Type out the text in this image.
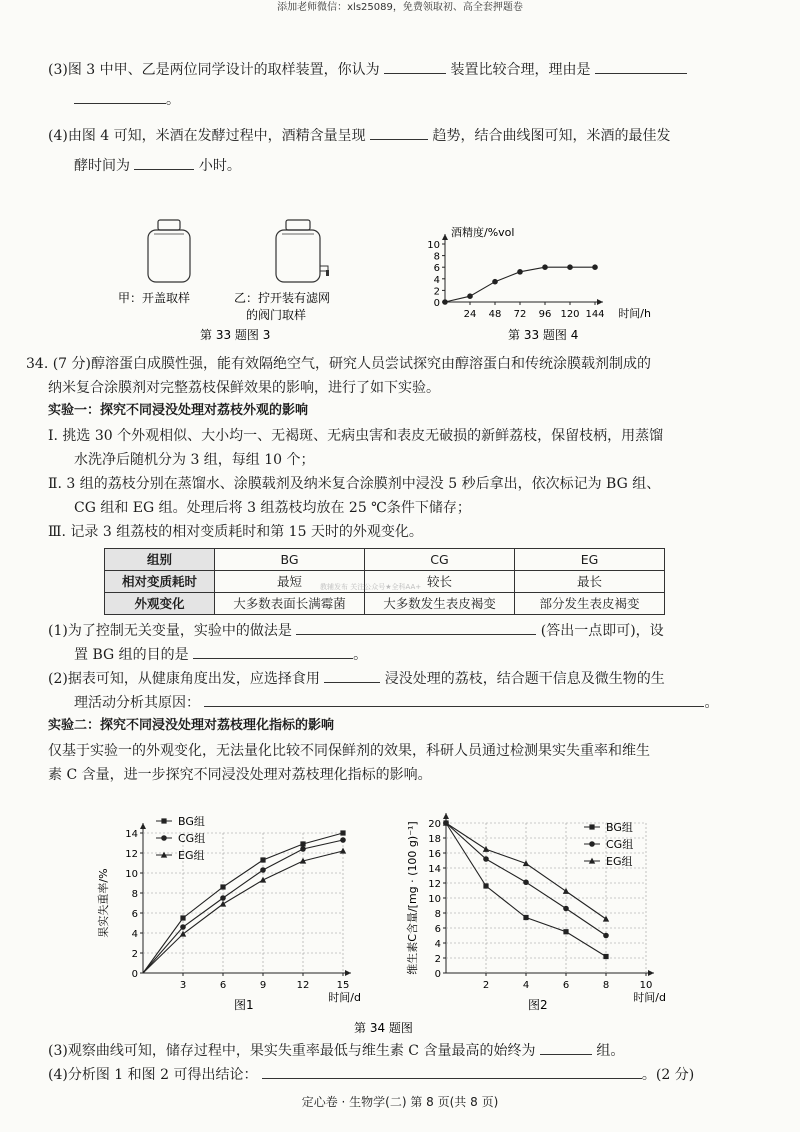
添加老师微信：xls25089，免费领取初、高全套押题卷
(3)图 3 中甲、乙是两位同学设计的取样装置，你认为	装置比较合理，理由是
。
(4)由图 4 可知，米酒在发酵过程中，酒精含量呈现	趋势，结合曲线图可知，米酒的最佳发
酵时间为	小时。
甲：开盖取样	乙：拧开装有滤网
的阀门取样
第 33 题图 3
0
2
4
6
8
10
24 48 72 96 120 144 时间/h
酒精度/%vol
第 33 题图 4
34. (7 分)醇溶蛋白成膜性强，能有效隔绝空气，研究人员尝试探究由醇溶蛋白和传统涂膜载剂制成的
纳米复合涂膜剂对完整荔枝保鲜效果的影响，进行了如下实验。
实验一：探究不同浸没处理对荔枝外观的影响
Ⅰ. 挑选 30 个外观相似、大小均一、无褐斑、无病虫害和表皮无破损的新鲜荔枝，保留枝柄，用蒸馏
水洗净后随机分为 3 组，每组 10 个；
Ⅱ. 3 组的荔枝分别在蒸馏水、涂膜载剂及纳米复合涂膜剂中浸没 5 秒后拿出，依次标记为 BG 组、
CG 组和 EG 组。处理后将 3 组荔枝均放在 25 ℃条件下储存；
Ⅲ. 记录 3 组荔枝的相对变质耗时和第 15 天时的外观变化。
组别	BG	CG	EG
相对变质耗时	最短	较长	最长
外观变化	大多数表面长满霉菌	大多数发生表皮褐变	部分发生表皮褐变
(1)为了控制无关变量，实验中的做法是	(答出一点即可)，设
置 BG 组的目的是	。
(2)据表可知，从健康角度出发，应选择食用	浸没处理的荔枝，结合题干信息及微生物的生
理活动分析其原因：	。
实验二：探究不同浸没处理对荔枝理化指标的影响
仅基于实验一的外观变化，无法量化比较不同保鲜剂的效果，科研人员通过检测果实失重率和维生
素 C 含量，进一步探究不同浸没处理对荔枝理化指标的影响。
0
2
4
6
8
10
12
14
3	6	9	12	15
时间/d
果实失重率/%
BG组
CG组
EG组
0
2
4
6
8
10
12
14
16
18
20
2	4	6	8	10
时间/d
维生素C含量/[mg · (100 g)⁻¹]	BG组
CG组
EG组
图1	图2
第 34 题图
(3)观察曲线可知，储存过程中，果实失重率最低与维生素 C 含量最高的始终为	组。
(4)分析图 1 和图 2 可得出结论：	。(2 分)
教辅发布 关注公众号★全科AA+
定心卷 · 生物学(二) 第 8 页(共 8 页)
